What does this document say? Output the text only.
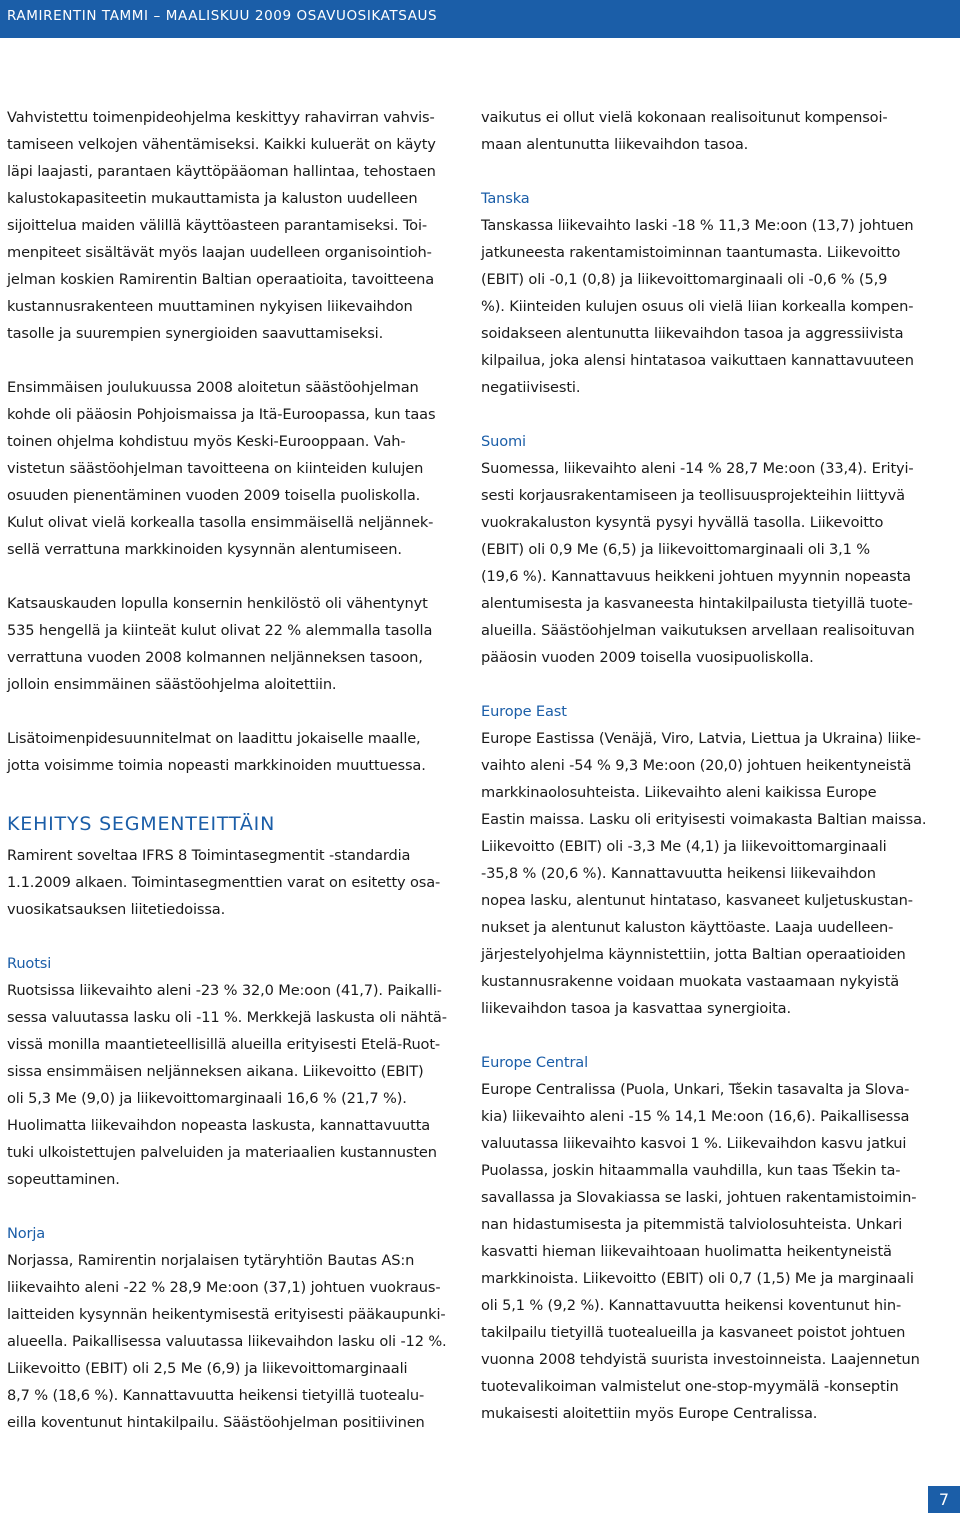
RAMIRENTIN TAMMI – MAALISKUU 2009 OSAVUOSIKATSAUS

Vahvistettu toimenpideohjelma keskittyy rahavirran vahvis-
tamiseen velkojen vähentämiseksi. Kaikki kuluerät on käyty
läpi laajasti, parantaen käyttöpääoman hallintaa, tehostaen
kalustokapasiteetin mukauttamista ja kaluston uudelleen
sijoittelua maiden välillä käyttöasteen parantamiseksi. Toi-
menpiteet sisältävät myös laajan uudelleen organisointioh-
jelman koskien Ramirentin Baltian operaatioita, tavoitteena
kustannusrakenteen muuttaminen nykyisen liikevaihdon
tasolle ja suurempien synergioiden saavuttamiseksi.

Ensimmäisen joulukuussa 2008 aloitetun säästöohjelman
kohde oli pääosin Pohjoismaissa ja Itä-Euroopassa, kun taas
toinen ohjelma kohdistuu myös Keski-Eurooppaan. Vah-
vistetun säästöohjelman tavoitteena on kiinteiden kulujen
osuuden pienentäminen vuoden 2009 toisella puoliskolla.
Kulut olivat vielä korkealla tasolla ensimmäisellä neljännek-
sellä verrattuna markkinoiden kysynnän alentumiseen.

Katsauskauden lopulla konsernin henkilöstö oli vähentynyt
535 hengellä ja kiinteät kulut olivat 22 % alemmalla tasolla
verrattuna vuoden 2008 kolmannen neljänneksen tasoon,
jolloin ensimmäinen säästöohjelma aloitettiin.

Lisätoimenpidesuunnitelmat on laadittu jokaiselle maalle,
jotta voisimme toimia nopeasti markkinoiden muuttuessa.

KEHITYS SEGMENTEITTÄIN

Ramirent soveltaa IFRS 8 Toimintasegmentit -standardia
1.1.2009 alkaen. Toimintasegmenttien varat on esitetty osa-
vuosikatsauksen liitetiedoissa.

Ruotsi

Ruotsissa liikevaihto aleni -23 % 32,0 Me:oon (41,7). Paikalli-
sessa valuutassa lasku oli -11 %. Merkkejä laskusta oli nähtä-
vissä monilla maantieteellisillä alueilla erityisesti Etelä-Ruot-
sissa ensimmäisen neljänneksen aikana. Liikevoitto (EBIT)
oli 5,3 Me (9,0) ja liikevoittomarginaali 16,6 % (21,7 %).
Huolimatta liikevaihdon nopeasta laskusta, kannattavuutta
tuki ulkoistettujen palveluiden ja materiaalien kustannusten
sopeuttaminen.

Norja

Norjassa, Ramirentin norjalaisen tytäryhtiön Bautas AS:n
liikevaihto aleni -22 % 28,9 Me:oon (37,1) johtuen vuokraus-
laitteiden kysynnän heikentymisestä erityisesti pääkaupunki-
alueella. Paikallisessa valuutassa liikevaihdon lasku oli -12 %.
Liikevoitto (EBIT) oli 2,5 Me (6,9) ja liikevoittomarginaali
8,7 % (18,6 %). Kannattavuutta heikensi tietyillä tuotealu-
eilla koventunut hintakilpailu. Säästöohjelman positiivinen

vaikutus ei ollut vielä kokonaan realisoitunut kompensoi-
maan alentunutta liikevaihdon tasoa.

Tanska

Tanskassa liikevaihto laski -18 % 11,3 Me:oon (13,7) johtuen
jatkuneesta rakentamistoiminnan taantumasta. Liikevoitto
(EBIT) oli -0,1 (0,8) ja liikevoittomarginaali oli -0,6 % (5,9
%). Kiinteiden kulujen osuus oli vielä liian korkealla kompen-
soidakseen alentunutta liikevaihdon tasoa ja aggressiivista
kilpailua, joka alensi hintatasoa vaikuttaen kannattavuuteen
negatiivisesti.

Suomi

Suomessa, liikevaihto aleni -14 % 28,7 Me:oon (33,4). Erityi-
sesti korjausrakentamiseen ja teollisuusprojekteihin liittyvä
vuokrakaluston kysyntä pysyi hyvällä tasolla. Liikevoitto
(EBIT) oli 0,9 Me (6,5) ja liikevoittomarginaali oli 3,1 %
(19,6 %). Kannattavuus heikkeni johtuen myynnin nopeasta
alentumisesta ja kasvaneesta hintakilpailusta tietyillä tuote-
alueilla. Säästöohjelman vaikutuksen arvellaan realisoituvan
pääosin vuoden 2009 toisella vuosipuoliskolla.

Europe East

Europe Eastissa (Venäjä, Viro, Latvia, Liettua ja Ukraina) liike-
vaihto aleni -54 % 9,3 Me:oon (20,0) johtuen heikentyneistä
markkinaolosuhteista. Liikevaihto aleni kaikissa Europe
Eastin maissa. Lasku oli erityisesti voimakasta Baltian maissa.
Liikevoitto (EBIT) oli -3,3 Me (4,1) ja liikevoittomarginaali
-35,8 % (20,6 %). Kannattavuutta heikensi liikevaihdon
nopea lasku, alentunut hintataso, kasvaneet kuljetuskustan-
nukset ja alentunut kaluston käyttöaste. Laaja uudelleen-
järjestelyohjelma käynnistettiin, jotta Baltian operaatioiden
kustannusrakenne voidaan muokata vastaamaan nykyistä
liikevaihdon tasoa ja kasvattaa synergioita.

Europe Central

Europe Centralissa (Puola, Unkari, Tšekin tasavalta ja Slova-
kia) liikevaihto aleni -15 % 14,1 Me:oon (16,6). Paikallisessa
valuutassa liikevaihto kasvoi 1 %. Liikevaihdon kasvu jatkui
Puolassa, joskin hitaammalla vauhdilla, kun taas Tšekin ta-
savallassa ja Slovakiassa se laski, johtuen rakentamistoimin-
nan hidastumisesta ja pitemmistä talviolosuhteista. Unkari
kasvatti hieman liikevaihtoaan huolimatta heikentyneistä
markkinoista. Liikevoitto (EBIT) oli 0,7 (1,5) Me ja marginaali
oli 5,1 % (9,2 %). Kannattavuutta heikensi koventunut hin-
takilpailu tietyillä tuotealueilla ja kasvaneet poistot johtuen
vuonna 2008 tehdyistä suurista investoinneista. Laajennetun
tuotevalikoiman valmistelut one-stop-myymälä -konseptin
mukaisesti aloitettiin myös Europe Centralissa.

7
